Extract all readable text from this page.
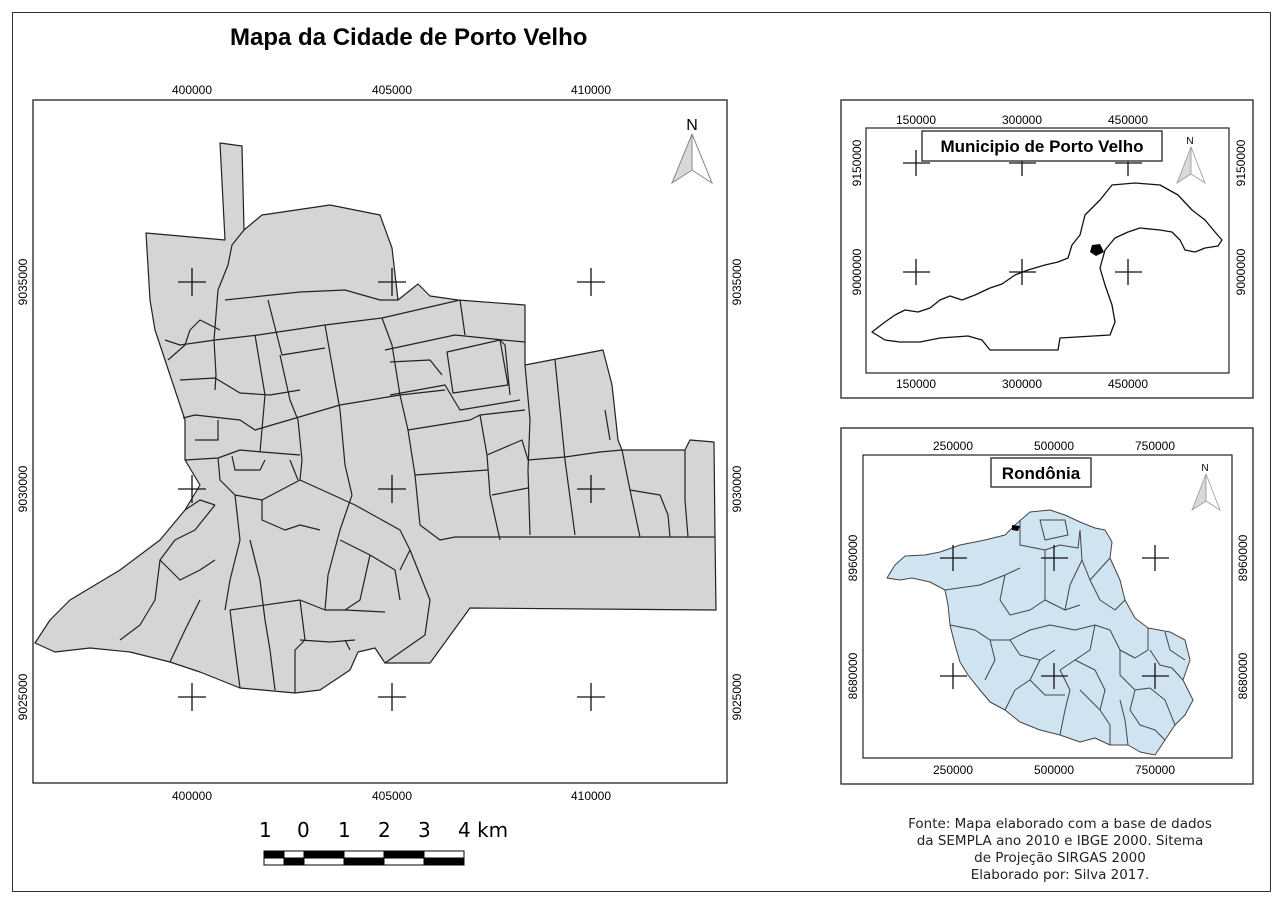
Mapa da Cidade de Porto Velho
400000	405000	410000
400000	405000	410000
9035000
9030000
9025000
9035000
9030000
9025000
N	150000	300000	450000
150000	300000	450000
9150000
9000000
9150000
9000000
Municipio de Porto Velho	N
250000	500000	750000
250000	500000	750000
8960000
8680000
8960000
8680000
Rondônia	N
1 0 1 2 3 4 km	Fonte: Mapa elaborado com a base de dados
da SEMPLA ano 2010 e IBGE 2000. Sitema
de Projeção SIRGAS 2000
Elaborado por: Silva 2017.
